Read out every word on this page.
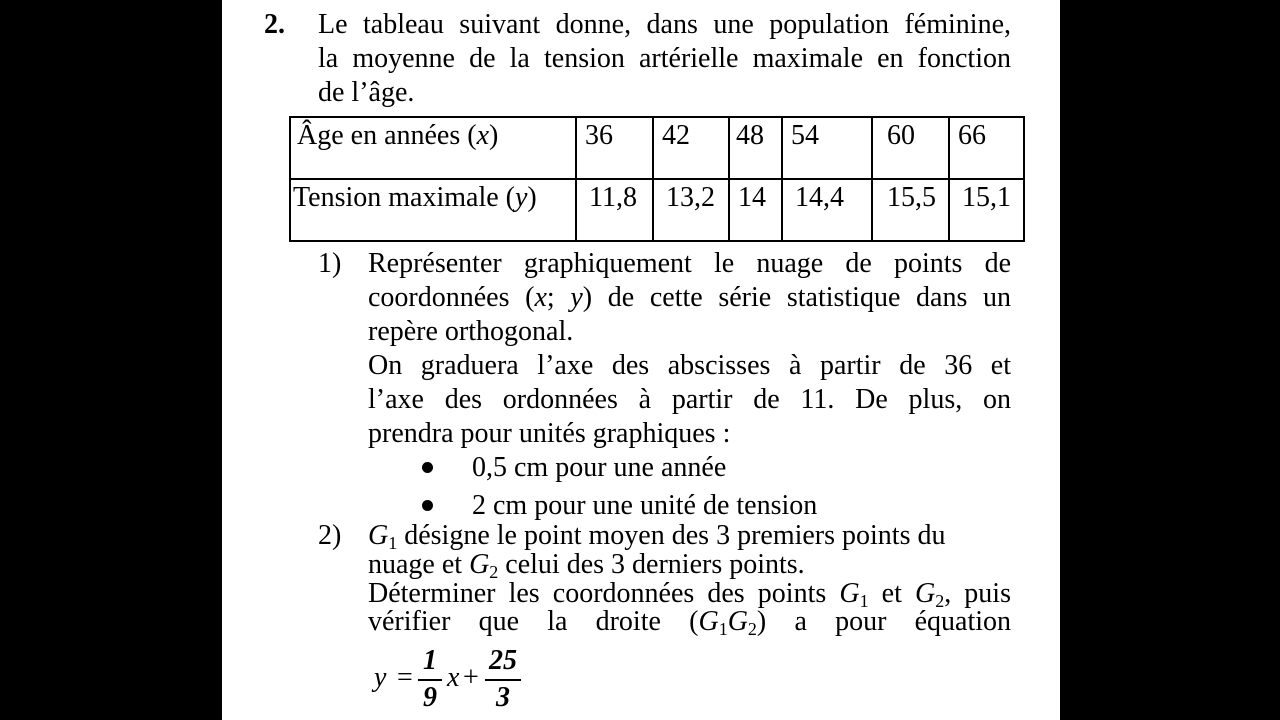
2. Le tableau suivant donne, dans une population féminine,
la moyenne de la tension artérielle maximale en fonction
de l’âge.
Âge en années (x)	36	42	48	54	60	66

Tension maximale (y)	11,8	13,2	14	14,4	15,5	15,1
1) Représenter graphiquement le nuage de points de
coordonnées (x; y) de cette série statistique dans un
repère orthogonal.
On graduera l’axe des abscisses à partir de 36 et
l’axe des ordonnées à partir de 11. De plus, on
prendra pour unités graphiques :
0,5 cm pour une année
2 cm pour une unité de tension
2) $G_1$ désigne le point moyen des 3 premiers points du
nuage et $G_2$ celui des 3 derniers points.
Déterminer les coordonnées des points $G_1$ et $G_2$, puis
vérifier que la droite $(G_1G_2)$ a pour équation
y =
1
9
x +
25
3
